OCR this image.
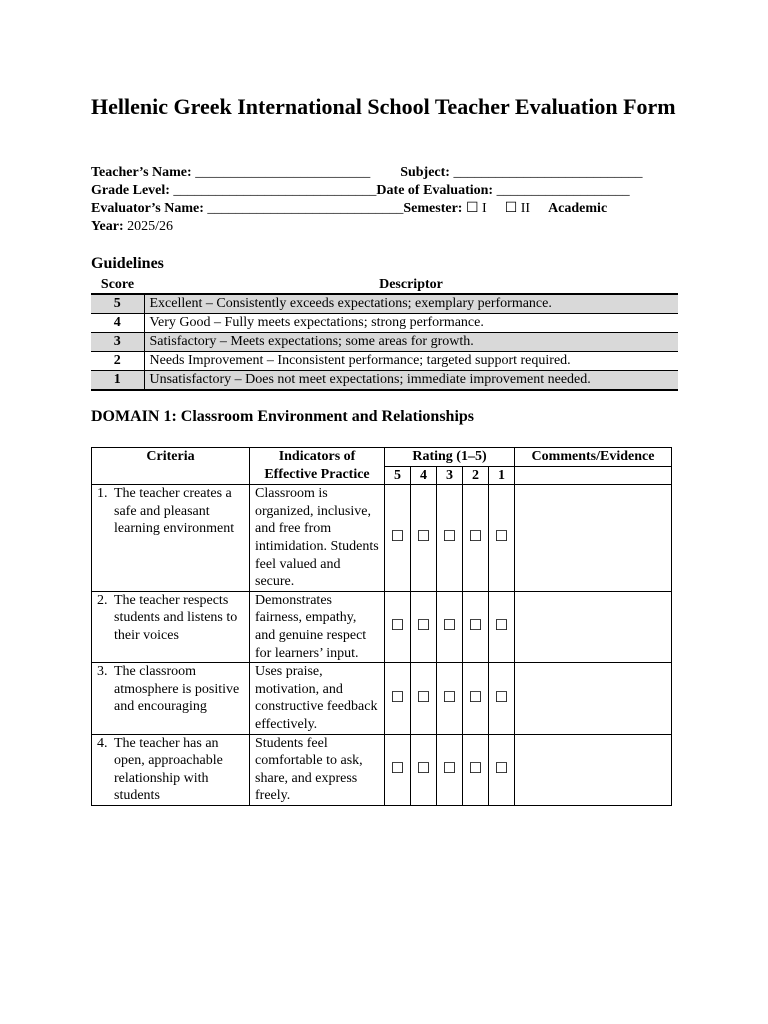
Hellenic Greek International School Teacher Evaluation Form
Teacher’s Name: _________________________ Subject: ___________________________
Grade Level: _____________________________Date of Evaluation: ___________________
Evaluator’s Name: ____________________________Semester: ☐ I ☐ II Academic
Year: 2025/26
Guidelines
Score	Descriptor
5	Excellent – Consistently exceeds expectations; exemplary performance.
4	Very Good – Fully meets expectations; strong performance.
3	Satisfactory – Meets expectations; some areas for growth.
2	Needs Improvement – Inconsistent performance; targeted support required.
1	Unsatisfactory – Does not meet expectations; immediate improvement needed.
DOMAIN 1: Classroom Environment and Relationships
Criteria	Indicators of Effective Practice	Rating (1–5)					Comments/Evidence
		5	4	3	2	1	

1. The teacher creates a safe and pleasant learning environment	Classroom is organized, inclusive, and free from intimidation. Students feel valued and secure.	☐	☐	☐	☐	☐	

2. The teacher respects students and listens to their voices	Demonstrates fairness, empathy, and genuine respect for learners’ input.	☐	☐	☐	☐	☐	

3. The classroom atmosphere is positive and encouraging	Uses praise, motivation, and constructive feedback effectively.	☐	☐	☐	☐	☐	

4. The teacher has an open, approachable relationship with students	Students feel comfortable to ask, share, and express freely.	☐	☐	☐	☐	☐	
